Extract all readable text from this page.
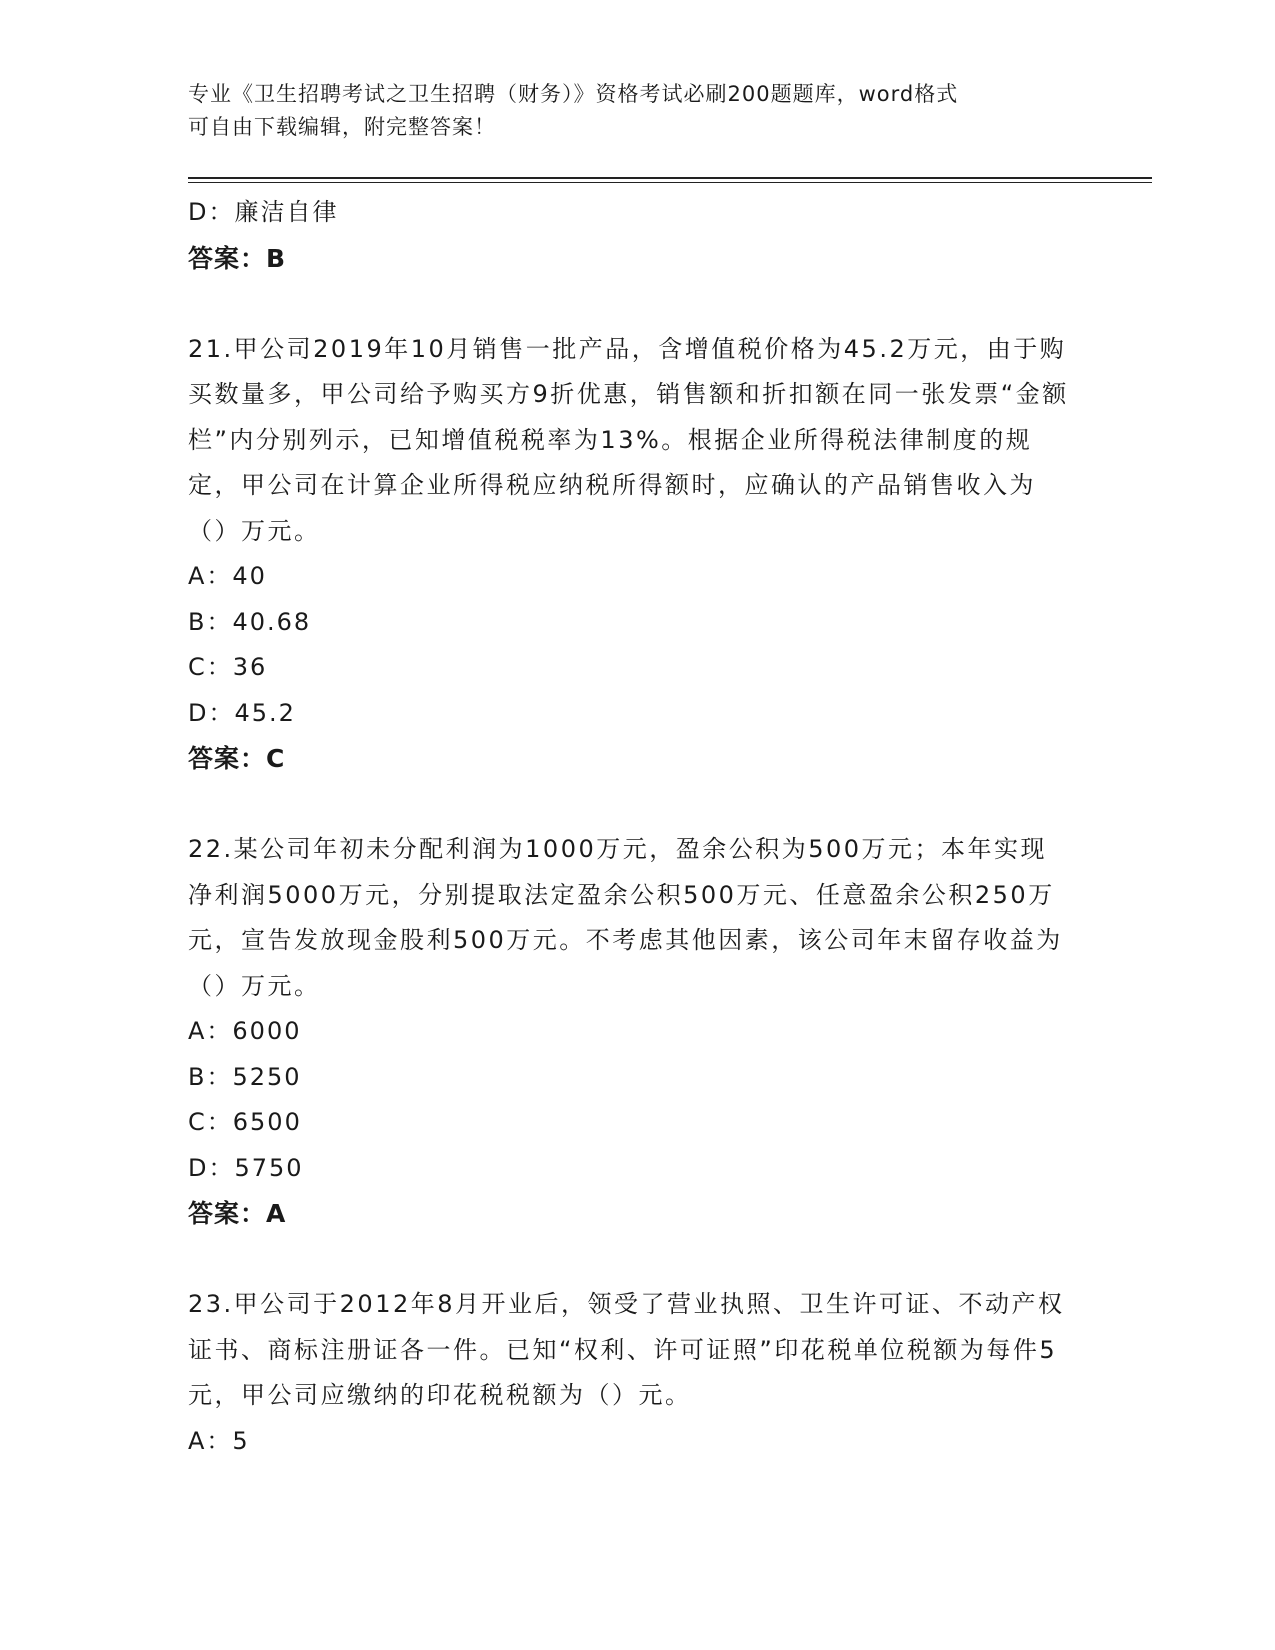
专业《卫生招聘考试之卫生招聘（财务）》资格考试必刷200题题库，word格式
可自由下载编辑，附完整答案！
D：廉洁自律
答案：B
21.甲公司2019年10月销售一批产品，含增值税价格为45.2万元，由于购买数量多，甲公司给予购买方9折优惠，销售额和折扣额在同一张发票“金额栏”内分别列示，已知增值税税率为13%。根据企业所得税法律制度的规定，甲公司在计算企业所得税应纳税所得额时，应确认的产品销售收入为（）万元。
A：40
B：40.68
C：36
D：45.2
答案：C
22.某公司年初未分配利润为1000万元，盈余公积为500万元；本年实现净利润5000万元，分别提取法定盈余公积500万元、任意盈余公积250万元，宣告发放现金股利500万元。不考虑其他因素，该公司年末留存收益为（）万元。
A：6000
B：5250
C：6500
D：5750
答案：A
23.甲公司于2012年8月开业后，领受了营业执照、卫生许可证、不动产权证书、商标注册证各一件。已知“权利、许可证照”印花税单位税额为每件5元，甲公司应缴纳的印花税税额为（）元。
A：5
